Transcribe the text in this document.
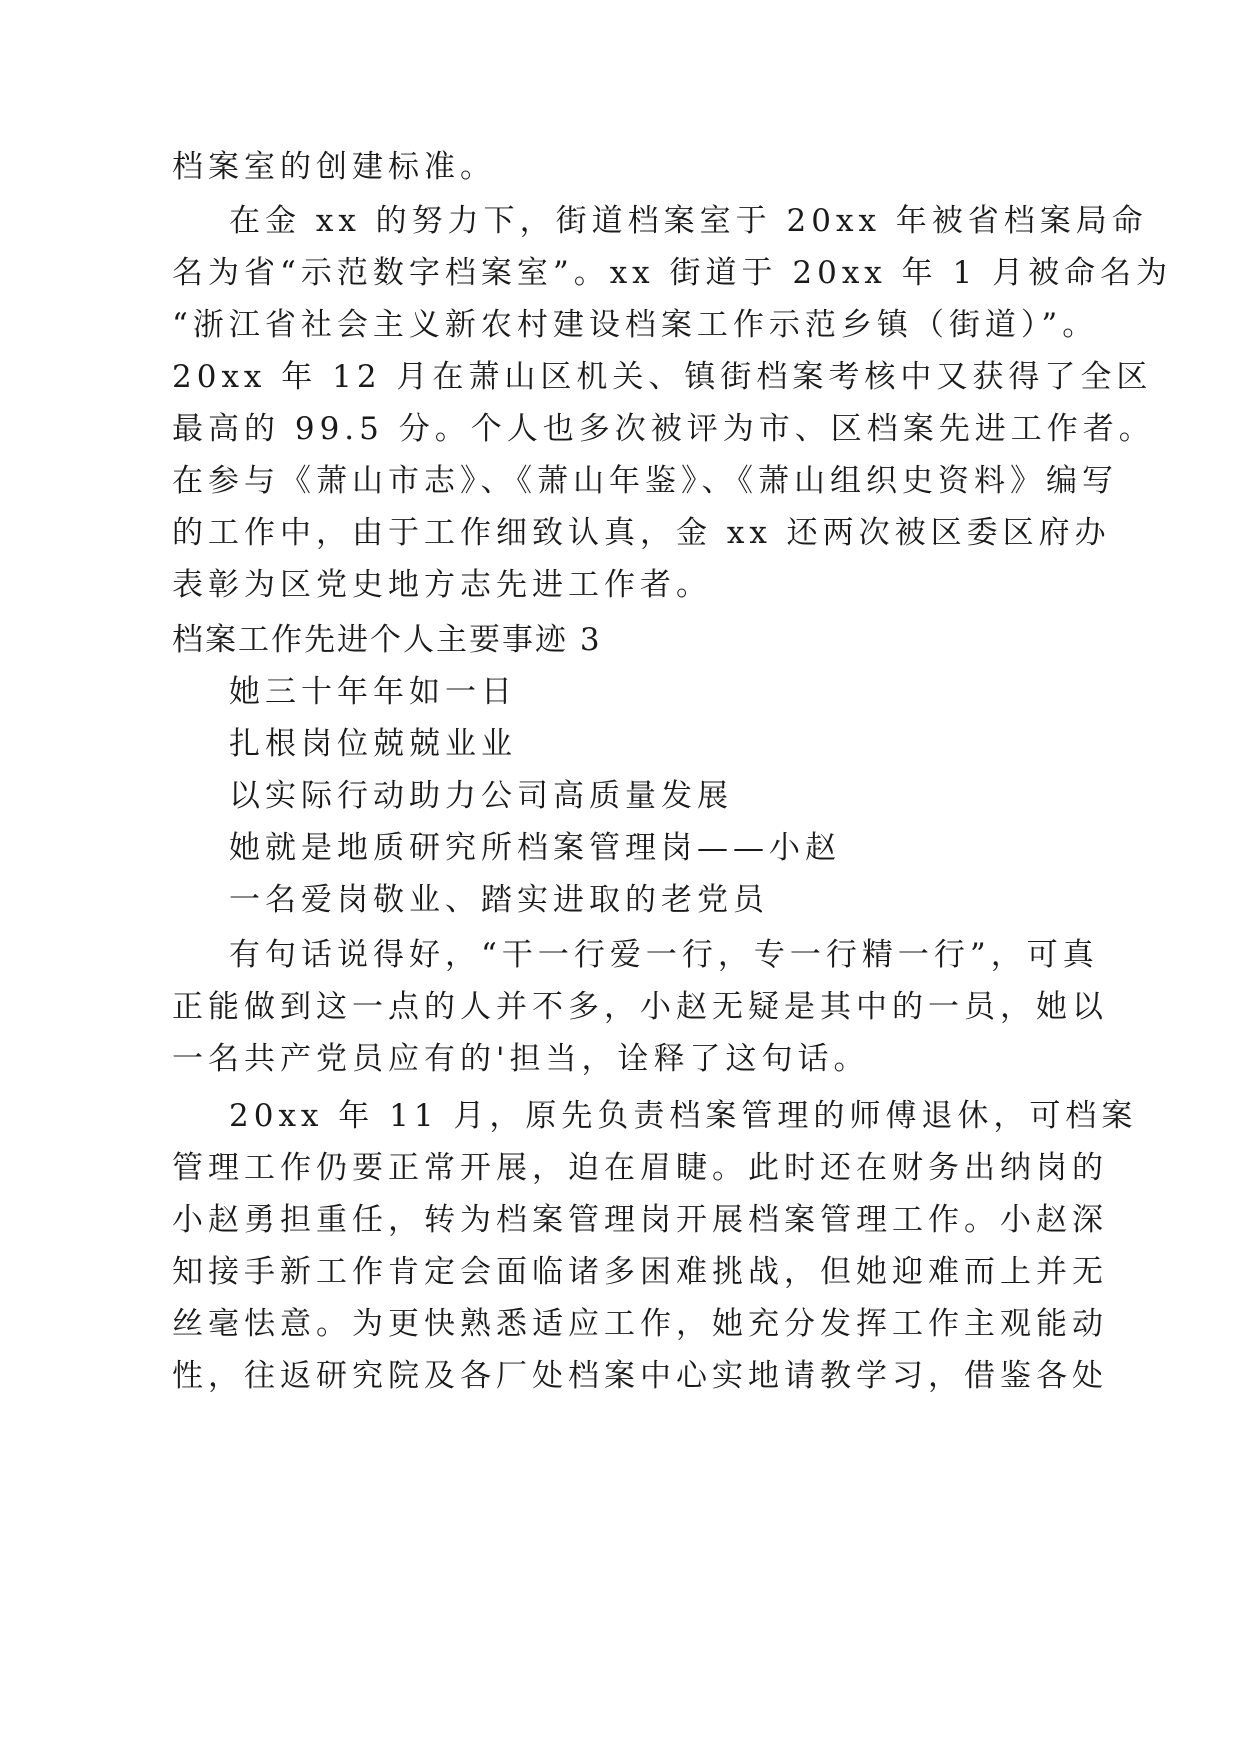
档案室的创建标准。
在金 xx 的努力下，街道档案室于 20xx 年被省档案局命
名为省“示范数字档案室”。xx 街道于 20xx 年 1 月被命名为
“浙江省社会主义新农村建设档案工作示范乡镇（街道）”。
20xx 年 12 月在萧山区机关、镇街档案考核中又获得了全区
最高的 99.5 分。个人也多次被评为市、区档案先进工作者。
在参与《萧山市志》、《萧山年鉴》、《萧山组织史资料》编写
的工作中，由于工作细致认真，金 xx 还两次被区委区府办
表彰为区党史地方志先进工作者。
档案工作先进个人主要事迹 3
她三十年年如一日
扎根岗位兢兢业业
以实际行动助力公司高质量发展
她就是地质研究所档案管理岗——小赵
一名爱岗敬业、踏实进取的老党员
有句话说得好，“干一行爱一行，专一行精一行”，可真
正能做到这一点的人并不多，小赵无疑是其中的一员，她以
一名共产党员应有的'担当，诠释了这句话。
20xx 年 11 月，原先负责档案管理的师傅退休，可档案
管理工作仍要正常开展，迫在眉睫。此时还在财务出纳岗的
小赵勇担重任，转为档案管理岗开展档案管理工作。小赵深
知接手新工作肯定会面临诸多困难挑战，但她迎难而上并无
丝毫怯意。为更快熟悉适应工作，她充分发挥工作主观能动
性，往返研究院及各厂处档案中心实地请教学习，借鉴各处
